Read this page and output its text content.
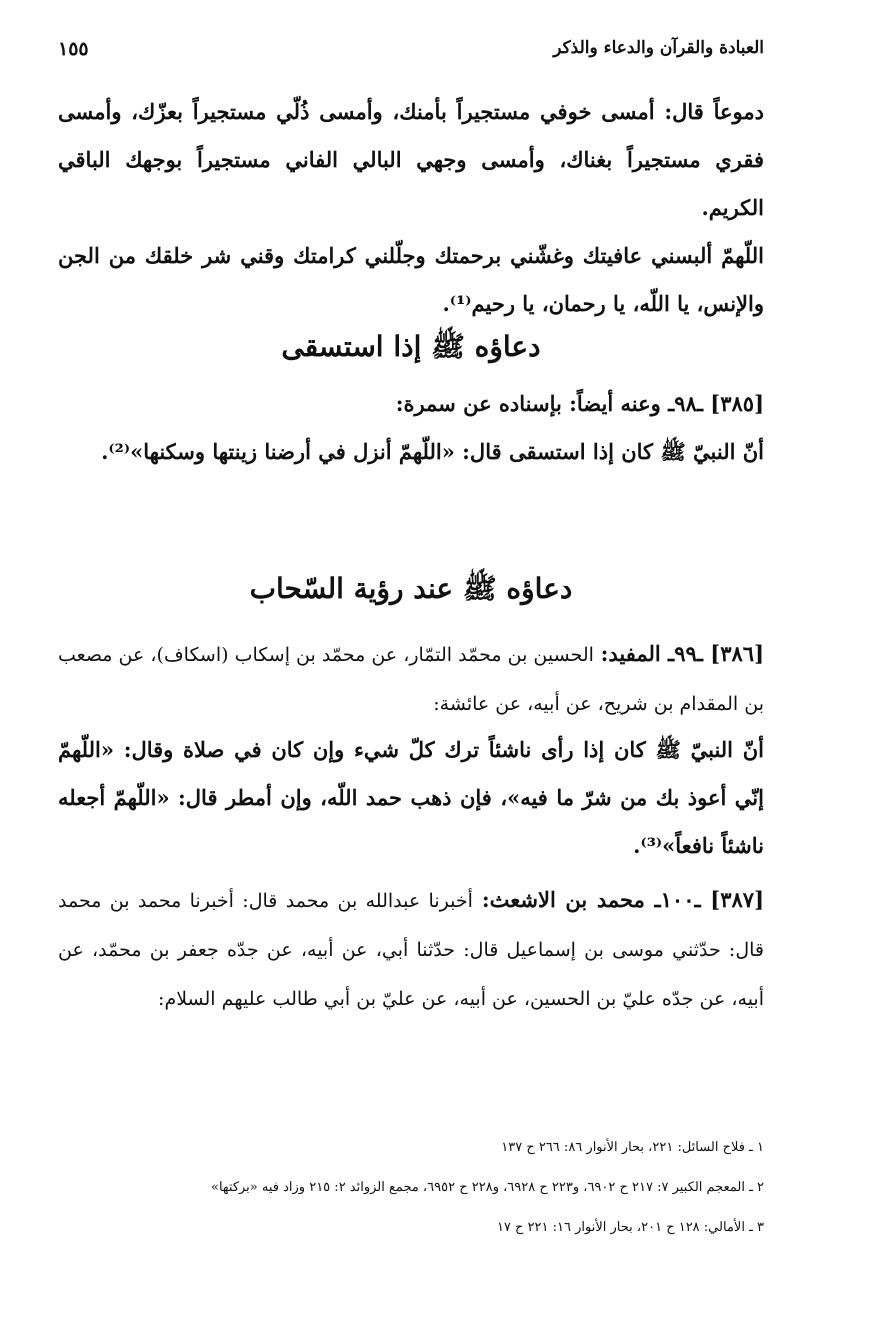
العبادة والقرآن والدعاء والذكر
١٥٥

دموعاً قال: أمسى خوفي مستجيراً بأمنك، وأمسى ذُلّي مستجيراً بعزّك، وأمسى فقري مستجيراً بغناك، وأمسى وجهي البالي الفاني مستجيراً بوجهك الباقي الكريم.

اللّهمّ ألبسني عافيتك وغشّني برحمتك وجلّلني كرامتك وقني شر خلقك من الجن والإنس، يا اللّه، يا رحمان، يا رحيم⁽¹⁾.

دعاؤه ﷺ إذا استسقى

[٣٨٥] ـ٩٨ـ وعنه أيضاً: بإسناده عن سمرة:

أنّ النبيّ ﷺ كان إذا استسقى قال: «اللّهمّ أنزل في أرضنا زينتها وسكنها»⁽²⁾.

دعاؤه ﷺ عند رؤية السّحاب

[٣٨٦] ـ٩٩ـ المفيد: الحسين بن محمّد التمّار، عن محمّد بن إسكاب (اسكاف)، عن مصعب بن المقدام بن شريح، عن أبيه، عن عائشة:

أنّ النبيّ ﷺ كان إذا رأى ناشئاً ترك كلّ شيء وإن كان في صلاة وقال: «اللّهمّ إنّي أعوذ بك من شرّ ما فيه»، فإن ذهب حمد اللّه، وإن أمطر قال: «اللّهمّ أجعله ناشئاً نافعاً»⁽³⁾.

[٣٨٧] ـ١٠٠ـ محمد بن الاشعث: أخبرنا عبدالله بن محمد قال: أخبرنا محمد بن محمد قال: حدّثني موسى بن إسماعيل قال: حدّثنا أبي، عن أبيه، عن جدّه جعفر بن محمّد، عن أبيه، عن جدّه عليّ بن الحسين، عن أبيه، عن عليّ بن أبي طالب عليهم السلام:

١ ـ فلاح السائل: ٢٢١، بحار الأنوار ٨٦: ٢٦٦ ح ١٣٧
٢ ـ المعجم الكبير ٧: ٢١٧ ح ٦٩٠٢، و٢٢٣ ح ٦٩٢٨، و٢٢٨ ح ٦٩٥٢، مجمع الزوائد ٢: ٢١٥ وزاد فيه «بركتها»
٣ ـ الأمالي: ١٢٨ ح ٢٠١، بحار الأنوار ١٦: ٢٢١ ح ١٧
